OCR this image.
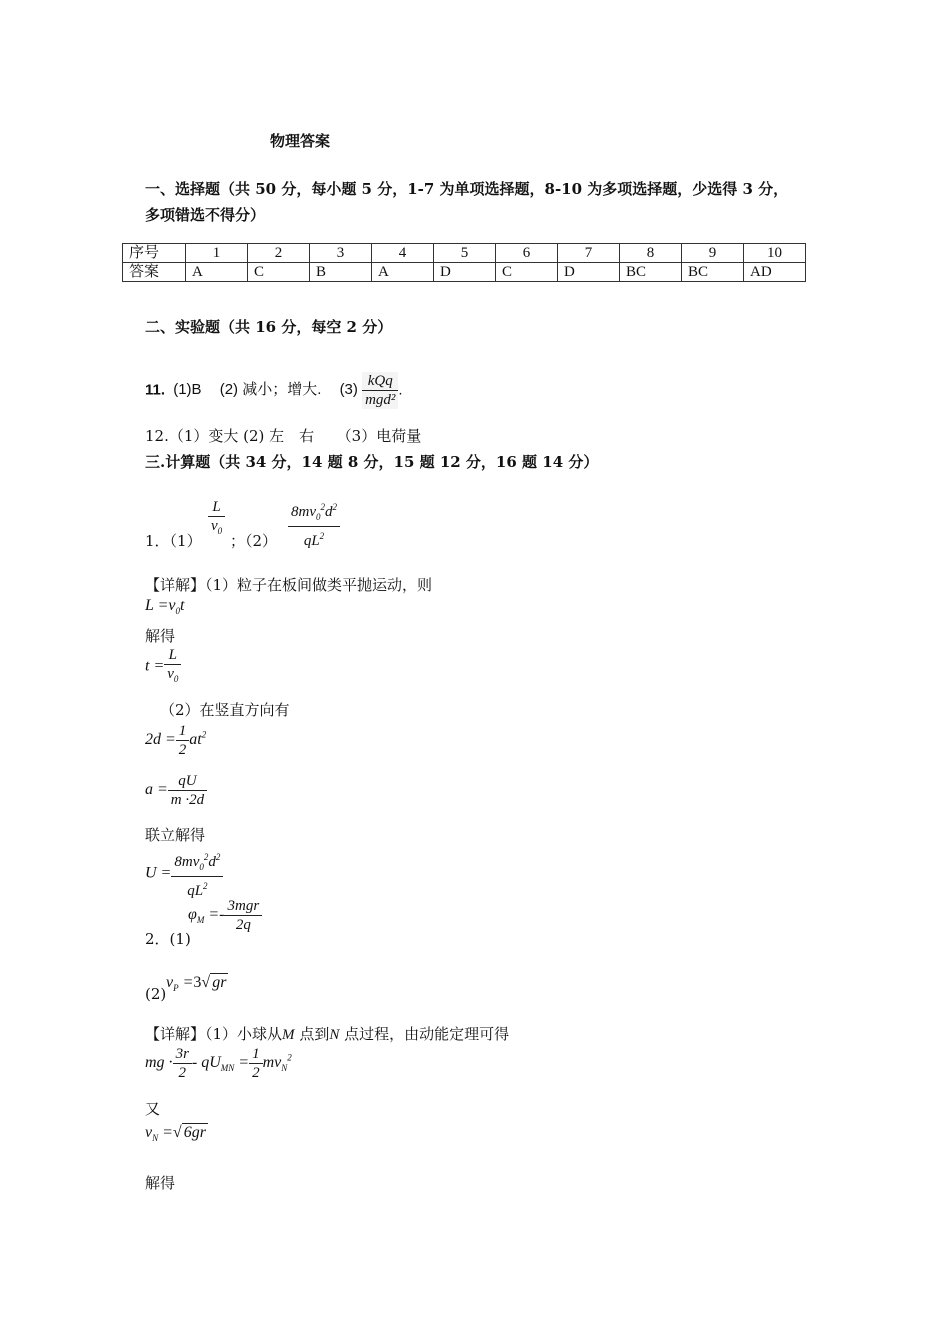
物理答案
一、选择题（共 50 分，每小题 5 分，1-7 为单项选择题，8-10 为多项选择题，少选得 3 分，
多项错选不得分）
序号	1	2	3	4	5	6	7	8	9	10
答案	A	C	B	A	D	C	D	BC	BC	AD
二、实验题（共 16 分，每空 2 分）
11. (1)B (2) 减小；增大. $(3) \frac{\text{kQq}}{\text{mgd²}}$ .
12.（1）变大 (2) 左　右　　（3）电荷量
三.计算题（共 34 分，14 题 8 分，15 题 12 分，16 题 14 分）
1．（1）
$\frac{L}{v_0}$
；$(2) \frac{8mv_0^2d^2}{qL^2}$
【详解】（1）粒子在板间做类平抛运动，则
$L =v_0t$
解得
$t = \frac{L}{v_0}$
（2）在竖直方向有
$2d = \frac{1}{2} at^2$
$a = \frac{qU}{m \cdot 2d}$
联立解得
$U = \frac{8mv_0^2d^2}{qL^2}$
$\varphi_M =- \frac{\text{3mgr}}{2q}$
2．(1)
(2)
$v_P =3√$ gr
【详解】（1）小球从M 点到N 点过程，由动能定理可得
mg · $\frac{3r}{2} - qU_{MN} = \frac{1}{2} mv_N^2$
又
$v_N$ =√ 6gr
解得
